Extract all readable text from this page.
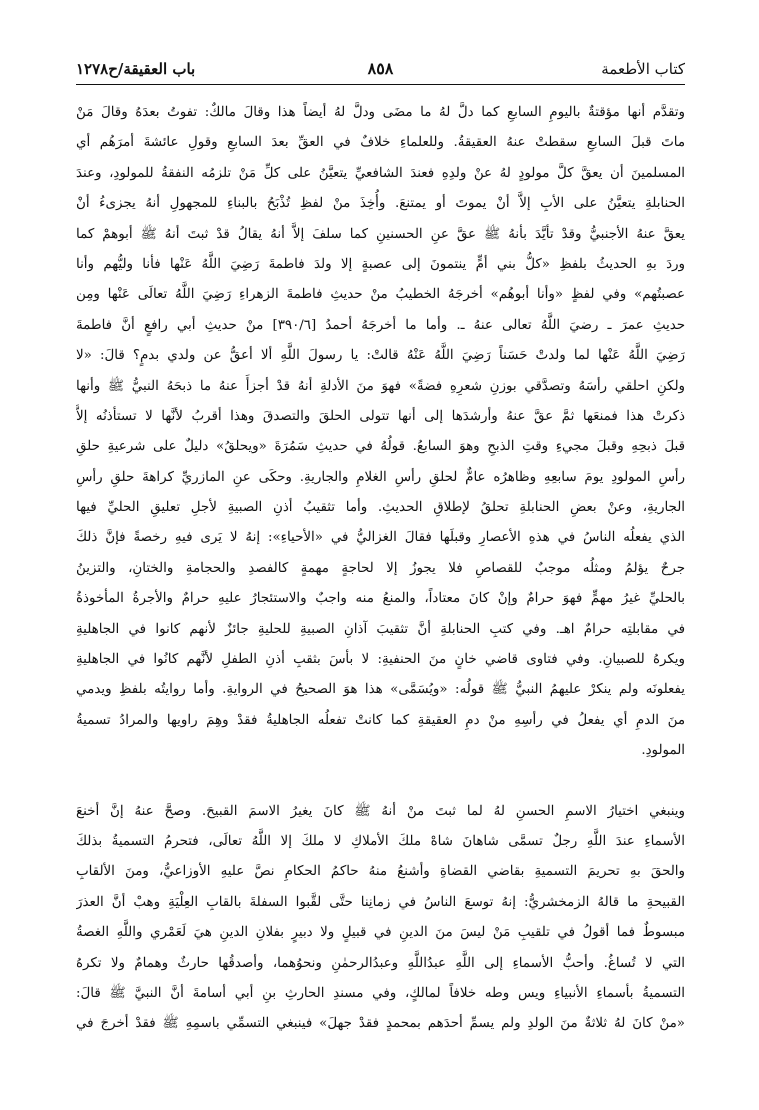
باب العقيقة/ح١٢٧٨	٨٥٨	كتاب الأطعمة
وتقدَّم أنها مؤقتةٌ باليومِ السابعِ كما دلَّ لهُ ما مضَى ودلَّ لهُ أيضاً هذا وقالَ مالكٌ: تفوتُ بعدَهُ وقالَ مَنْ
ماتَ قبلَ السابعِ سقطتْ عنهُ العقيقةُ. وللعلماءِ خلافٌ في العقِّ بعدَ السابعِ وقولِ عائشةَ أمرَهُم أي
المسلمينَ أن يعقَّ كلَّ مولودٍ لهُ عنْ ولدِهِ فعندَ الشافعيِّ يتعيَّنُ على كلِّ مَنْ تلزمُه النفقةُ للمولودِ، وعندَ
الحنابلةِ يتعيَّنُ على الأبِ إلاَّ أنْ يموتَ أو يمتنعَ. وأُخِذَ منْ لفظِ تُذْبَحُ بالبناءِ للمجهولِ أنهُ يجزىءُ أنْ
يعقَّ عنهُ الأجنبيُّ وقدْ تأيَّدَ بأنهُ ﷺ عقَّ عنِ الحسنينِ كما سلفَ إلاَّ أنهُ يقالُ قدْ ثبتَ أنهُ ﷺ أبوهمْ كما
وردَ بهِ الحديثُ بلفظِ «كلُّ بني أمٍّ ينتمونَ إلى عصبةٍ إلا ولدَ فاطمةَ رَضِيَ اللَّهُ عَنْها فأنا وليُّهم وأنا
عصبتُهم» وفي لفظٍ «وأنا أبوهُم» أخرجَهُ الخطيبُ منْ حديثِ فاطمةَ الزهراءِ رَضِيَ اللَّهُ تعالَى عَنْها ومِن
حديثِ عمرَ ـ رضيَ اللَّهُ تعالى عنهُ ـ. وأما ما أخرجَهُ أحمدُ [٣٩٠/٦] منْ حديثِ أبي رافعٍ أنَّ فاطمةَ
رَضِيَ اللَّهُ عَنْها لما ولدتْ حَسَناً رَضِيَ اللَّهُ عَنْهُ قالتْ: يا رسولَ اللَّهِ ألا أعقُّ عن ولدي بدمٍ؟ قالَ: «لا
ولكنِ احلقي رأسَهُ وتصدَّقي بوزنِ شعرِهِ فضةً» فهوَ منَ الأدلةِ أنهُ قدْ أجزأَ عنهُ ما ذبحَهُ النبيُّ ﷺ وأنها
ذكرتْ هذا فمنعَها ثمَّ عقَّ عنهُ وأرشدَها إلى أنها تتولى الحلقَ والتصدقَ وهذا أقربُ لأنَّها لا تستأذنُه إلاَّ
قبلَ ذبحِهِ وقبلَ مجيءِ وقتِ الذبحِ وهوَ السابعُ. قولُهُ في حديثِ سَمُرَةَ «ويحلقُ» دليلٌ على شرعيةِ حلقِ
رأسِ المولودِ يومَ سابعِهِ وظاهرُه عامٌّ لحلقِ رأسِ الغلامِ والجاريةِ. وحكَى عنِ المازريِّ كراهةَ حلقِ رأسِ
الجاريةِ، وعنْ بعضِ الحنابلةِ تحلقُ لإطلاقِ الحديثِ. وأما تثقيبُ أذنِ الصبيةِ لأجلِ تعليقِ الحليِّ فيها
الذي يفعلُه الناسُ في هذهِ الأعصارِ وقبلَها فقالَ الغزاليُّ في «الأحياءِ»: إنهُ لا يَرى فيهِ رخصةً فإنَّ ذلكَ
جرحٌ يؤلمُ ومثلُه موجبٌ للقصاصِ فلا يجوزُ إلا لحاجةٍ مهمةٍ كالفصدِ والحجامةِ والختانِ، والتزينُ
بالحليِّ غيرُ مهمٍّ فهوَ حرامٌ وإنْ كانَ معتاداً، والمنعُ منه واجبٌ والاستئجارُ عليهِ حرامٌ والأجرةُ المأخوذةُ
في مقابلتِه حرامٌ اهـ. وفي كتبِ الحنابلةِ أنَّ تثقيبَ آذانِ الصبيةِ للحليةِ جائزٌ لأنهم كانوا في الجاهليةِ
ويكرهُ للصبيانِ. وفي فتاوى قاضي خانٍ منَ الحنفيةِ: لا بأسَ بثقبِ أذنِ الطفلِ لأنَّهم كانُوا في الجاهليةِ
يفعلونَه ولم ينكرْ عليهمُ النبيُّ ﷺ قولُه: «ويُسَمَّى» هذا هوَ الصحيحُ في الروايةِ. وأما روايتُه بلفظِ ويدمي
منَ الدمِ أي يفعلُ في رأسِهِ منْ دمِ العقيقةِ كما كانتْ تفعلُه الجاهليةُ فقدْ وهِمَ راويها والمرادُ تسميةُ
المولودِ.
وينبغي اختيارُ الاسمِ الحسنِ لهُ لما ثبتَ منْ أنهُ ﷺ كانَ يغيرُ الاسمَ القبيحَ. وصحَّ عنهُ إنَّ أخنعَ
الأسماءِ عندَ اللَّهِ رجلٌ تسمَّى شاهانَ شاهْ ملكَ الأملاكِ لا ملكَ إلا اللَّهُ تعالَى، فتحرمُ التسميةُ بذلكَ
والحقَ بهِ تحريمَ التسميةِ بقاضي القضاةِ وأشنعُ منهُ حاكمُ الحكامِ نصَّ عليهِ الأوزاعيُّ، ومنَ الألقابِ
القبيحةِ ما قالهُ الزمخشريُّ: إنهُ توسعَ الناسُ في زمانِنا حتَّى لقَّبوا السفلةَ بالقابِ العِلْيَةِ وهبْ أنَّ العذرَ
مبسوطٌ فما أقولُ في تلقيبِ مَنْ ليسَ منَ الدينِ في قبيلٍ ولا دبيرٍ بفلانِ الدينِ هيَ لَعَمْري واللَّهِ الغصةُ
التي لا تُساغُ. وأحبُّ الأسماءِ إلى اللَّهِ عبدُاللَّهِ وعبدُالرحمٰنِ ونحوُهما، وأصدقُها حارثٌ وهمامٌ ولا تكرهُ
التسميةُ بأسماءِ الأنبياءِ ويس وطه خلافاً لمالكٍ، وفي مسندِ الحارثِ بنِ أبي أسامةَ أنَّ النبيَّ ﷺ قالَ:
«منْ كانَ لهُ ثلاثةٌ منَ الولدِ ولم يسمِّ أحدَهم بمحمدٍ فقدْ جهلَ» فينبغي التسمِّي باسمِهِ ﷺ فقدْ أخرجَ في
